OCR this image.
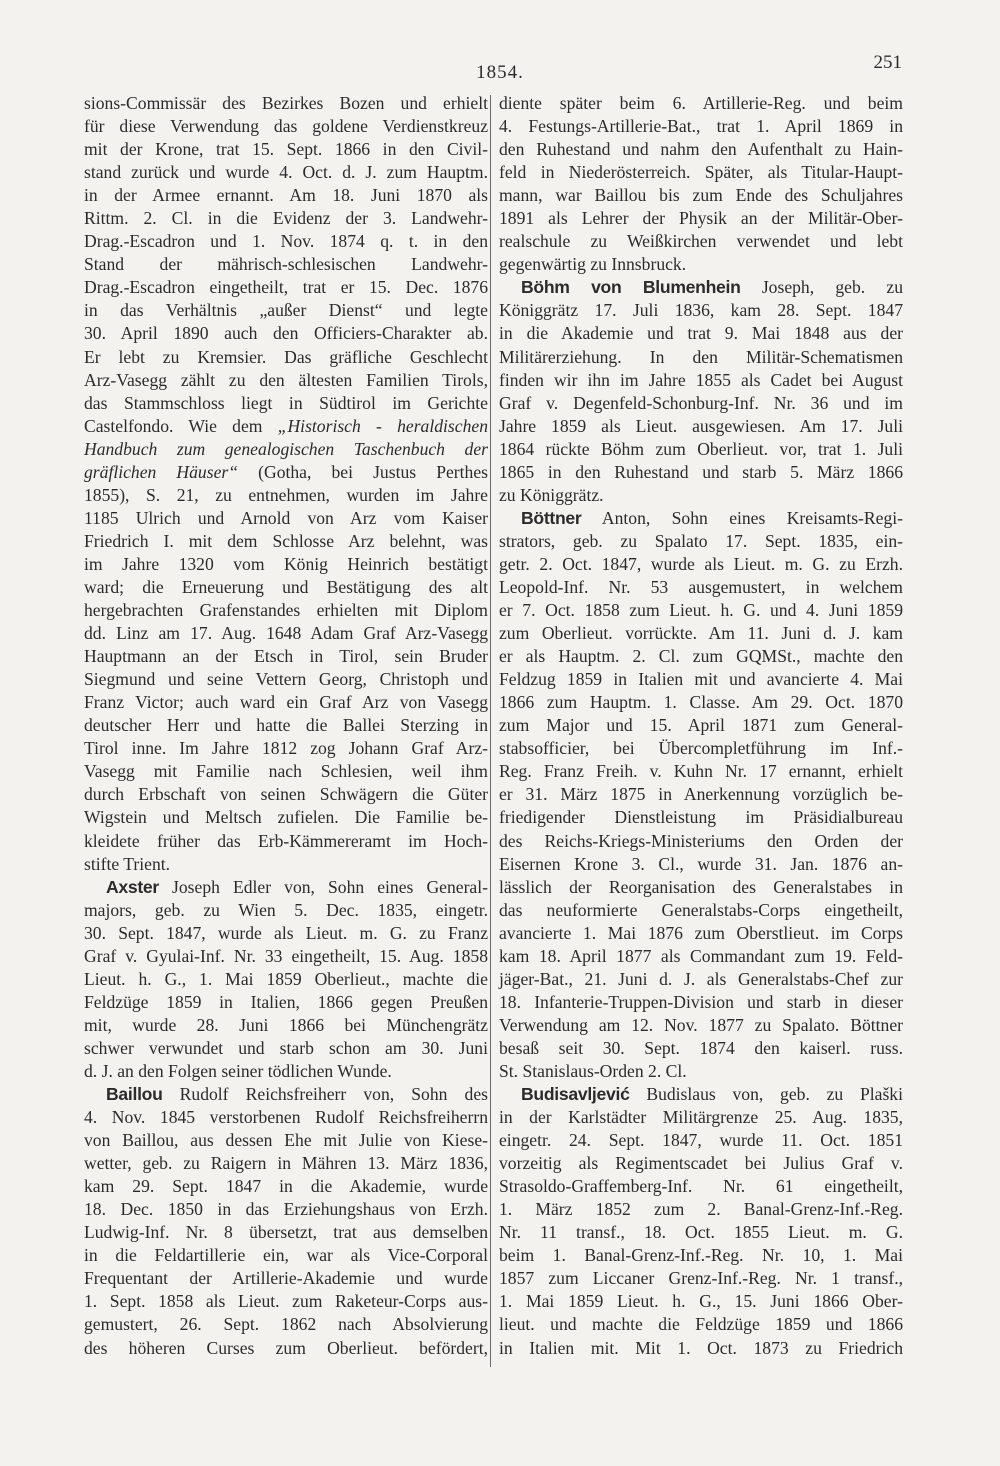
1854.	251
sions-Commissär des Bezirkes Bozen und erhielt
für diese Verwendung das goldene Verdienstkreuz
mit der Krone, trat 15. Sept. 1866 in den Civil-
stand zurück und wurde 4. Oct. d. J. zum Hauptm.
in der Armee ernannt. Am 18. Juni 1870 als
Rittm. 2. Cl. in die Evidenz der 3. Landwehr-
Drag.-Escadron und 1. Nov. 1874 q. t. in den
Stand der mährisch-schlesischen Landwehr-
Drag.-Escadron eingetheilt, trat er 15. Dec. 1876
in das Verhältnis „außer Dienst“ und legte
30. April 1890 auch den Officiers-Charakter ab.
Er lebt zu Kremsier. Das gräfliche Geschlecht
Arz-Vasegg zählt zu den ältesten Familien Tirols,
das Stammschloss liegt in Südtirol im Gerichte
Castelfondo. Wie dem „Historisch - heraldischen
Handbuch zum genealogischen Taschenbuch der
gräflichen Häuser“ (Gotha, bei Justus Perthes
1855), S. 21, zu entnehmen, wurden im Jahre
1185 Ulrich und Arnold von Arz vom Kaiser
Friedrich I. mit dem Schlosse Arz belehnt, was
im Jahre 1320 vom König Heinrich bestätigt
ward; die Erneuerung und Bestätigung des alt
hergebrachten Grafenstandes erhielten mit Diplom
dd. Linz am 17. Aug. 1648 Adam Graf Arz-Vasegg
Hauptmann an der Etsch in Tirol, sein Bruder
Siegmund und seine Vettern Georg, Christoph und
Franz Victor; auch ward ein Graf Arz von Vasegg
deutscher Herr und hatte die Ballei Sterzing in
Tirol inne. Im Jahre 1812 zog Johann Graf Arz-
Vasegg mit Familie nach Schlesien, weil ihm
durch Erbschaft von seinen Schwägern die Güter
Wigstein und Meltsch zufielen. Die Familie be-
kleidete früher das Erb-Kämmereramt im Hoch-
stifte Trient.
Axster Joseph Edler von, Sohn eines General-
majors, geb. zu Wien 5. Dec. 1835, eingetr.
30. Sept. 1847, wurde als Lieut. m. G. zu Franz
Graf v. Gyulai-Inf. Nr. 33 eingetheilt, 15. Aug. 1858
Lieut. h. G., 1. Mai 1859 Oberlieut., machte die
Feldzüge 1859 in Italien, 1866 gegen Preußen
mit, wurde 28. Juni 1866 bei Münchengrätz
schwer verwundet und starb schon am 30. Juni
d. J. an den Folgen seiner tödlichen Wunde.
Baillou Rudolf Reichsfreiherr von, Sohn des
4. Nov. 1845 verstorbenen Rudolf Reichsfreiherrn
von Baillou, aus dessen Ehe mit Julie von Kiese-
wetter, geb. zu Raigern in Mähren 13. März 1836,
kam 29. Sept. 1847 in die Akademie, wurde
18. Dec. 1850 in das Erziehungshaus von Erzh.
Ludwig-Inf. Nr. 8 übersetzt, trat aus demselben
in die Feldartillerie ein, war als Vice-Corporal
Frequentant der Artillerie-Akademie und wurde
1. Sept. 1858 als Lieut. zum Raketeur-Corps aus-
gemustert, 26. Sept. 1862 nach Absolvierung
des höheren Curses zum Oberlieut. befördert,
diente später beim 6. Artillerie-Reg. und beim
4. Festungs-Artillerie-Bat., trat 1. April 1869 in
den Ruhestand und nahm den Aufenthalt zu Hain-
feld in Niederösterreich. Später, als Titular-Haupt-
mann, war Baillou bis zum Ende des Schuljahres
1891 als Lehrer der Physik an der Militär-Ober-
realschule zu Weißkirchen verwendet und lebt
gegenwärtig zu Innsbruck.
Böhm von Blumenhein Joseph, geb. zu
Königgrätz 17. Juli 1836, kam 28. Sept. 1847
in die Akademie und trat 9. Mai 1848 aus der
Militärerziehung. In den Militär-Schematismen
finden wir ihn im Jahre 1855 als Cadet bei August
Graf v. Degenfeld-Schonburg-Inf. Nr. 36 und im
Jahre 1859 als Lieut. ausgewiesen. Am 17. Juli
1864 rückte Böhm zum Oberlieut. vor, trat 1. Juli
1865 in den Ruhestand und starb 5. März 1866
zu Königgrätz.
Böttner Anton, Sohn eines Kreisamts-Regi-
strators, geb. zu Spalato 17. Sept. 1835, ein-
getr. 2. Oct. 1847, wurde als Lieut. m. G. zu Erzh.
Leopold-Inf. Nr. 53 ausgemustert, in welchem
er 7. Oct. 1858 zum Lieut. h. G. und 4. Juni 1859
zum Oberlieut. vorrückte. Am 11. Juni d. J. kam
er als Hauptm. 2. Cl. zum GQMSt., machte den
Feldzug 1859 in Italien mit und avancierte 4. Mai
1866 zum Hauptm. 1. Classe. Am 29. Oct. 1870
zum Major und 15. April 1871 zum General-
stabsofficier, bei Übercompletführung im Inf.-
Reg. Franz Freih. v. Kuhn Nr. 17 ernannt, erhielt
er 31. März 1875 in Anerkennung vorzüglich be-
friedigender Dienstleistung im Präsidialbureau
des Reichs-Kriegs-Ministeriums den Orden der
Eisernen Krone 3. Cl., wurde 31. Jan. 1876 an-
lässlich der Reorganisation des Generalstabes in
das neuformierte Generalstabs-Corps eingetheilt,
avancierte 1. Mai 1876 zum Oberstlieut. im Corps
kam 18. April 1877 als Commandant zum 19. Feld-
jäger-Bat., 21. Juni d. J. als Generalstabs-Chef zur
18. Infanterie-Truppen-Division und starb in dieser
Verwendung am 12. Nov. 1877 zu Spalato. Böttner
besaß seit 30. Sept. 1874 den kaiserl. russ.
St. Stanislaus-Orden 2. Cl.
Budisavljević Budislaus von, geb. zu Plaški
in der Karlstädter Militärgrenze 25. Aug. 1835,
eingetr. 24. Sept. 1847, wurde 11. Oct. 1851
vorzeitig als Regimentscadet bei Julius Graf v.
Strasoldo-Graffemberg-Inf. Nr. 61 eingetheilt,
1. März 1852 zum 2. Banal-Grenz-Inf.-Reg.
Nr. 11 transf., 18. Oct. 1855 Lieut. m. G.
beim 1. Banal-Grenz-Inf.-Reg. Nr. 10, 1. Mai
1857 zum Liccaner Grenz-Inf.-Reg. Nr. 1 transf.,
1. Mai 1859 Lieut. h. G., 15. Juni 1866 Ober-
lieut. und machte die Feldzüge 1859 und 1866
in Italien mit. Mit 1. Oct. 1873 zu Friedrich
